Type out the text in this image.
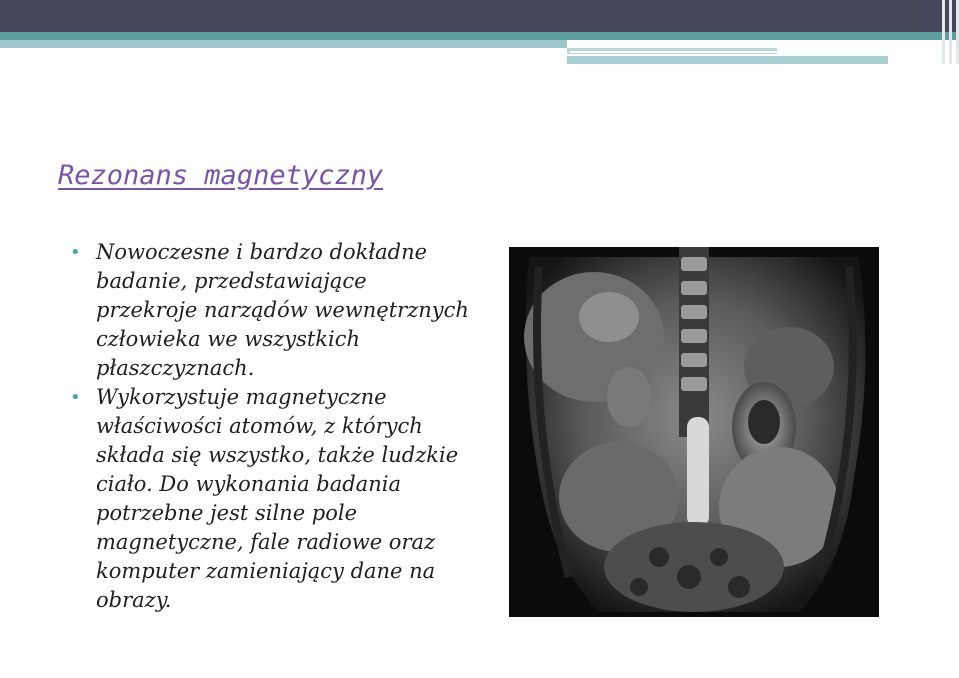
Rezonans magnetyczny
• Nowoczesne i bardzo dokładne badanie, przedstawiające przekroje narządów wewnętrznych człowieka we wszystkich płaszczyznach.
• Wykorzystuje magnetyczne właściwości atomów, z których składa się wszystko, także ludzkie ciało. Do wykonania badania potrzebne jest silne pole magnetyczne, fale radiowe oraz komputer zamieniający dane na obrazy.
